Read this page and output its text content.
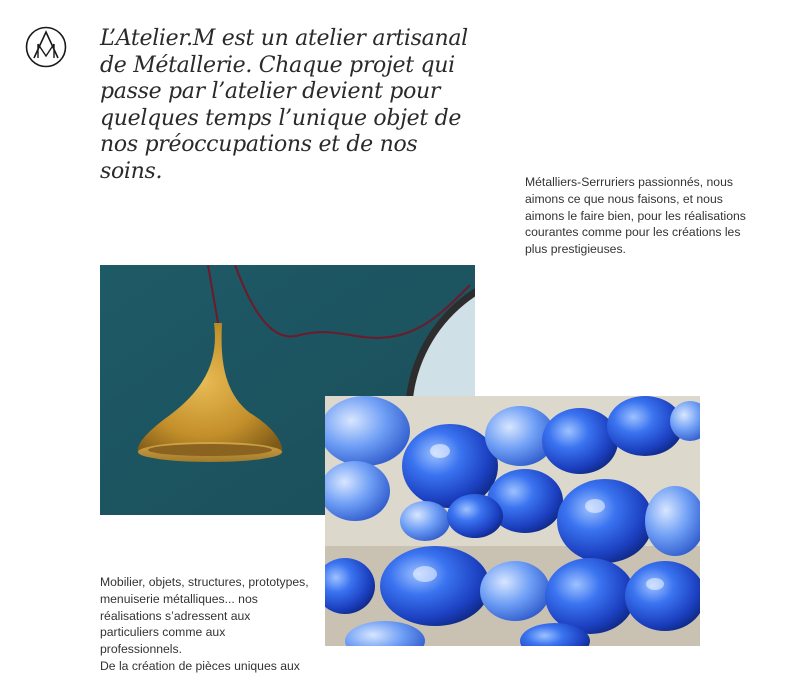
L’Atelier.M est un atelier artisanal de Métallerie. Chaque projet qui passe par l’atelier devient pour quelques temps l’unique objet de nos préoccupations et de nos soins.	Métalliers-Serruriers passionnés, nous aimons ce que nous faisons, et nous aimons le faire bien, pour les réalisations courantes comme pour les créations les plus prestigieuses.

Mobilier, objets, structures, prototypes, menuiserie métalliques... nos réalisations s’adressent aux particuliers comme aux professionnels.
De la création de pièces uniques aux
